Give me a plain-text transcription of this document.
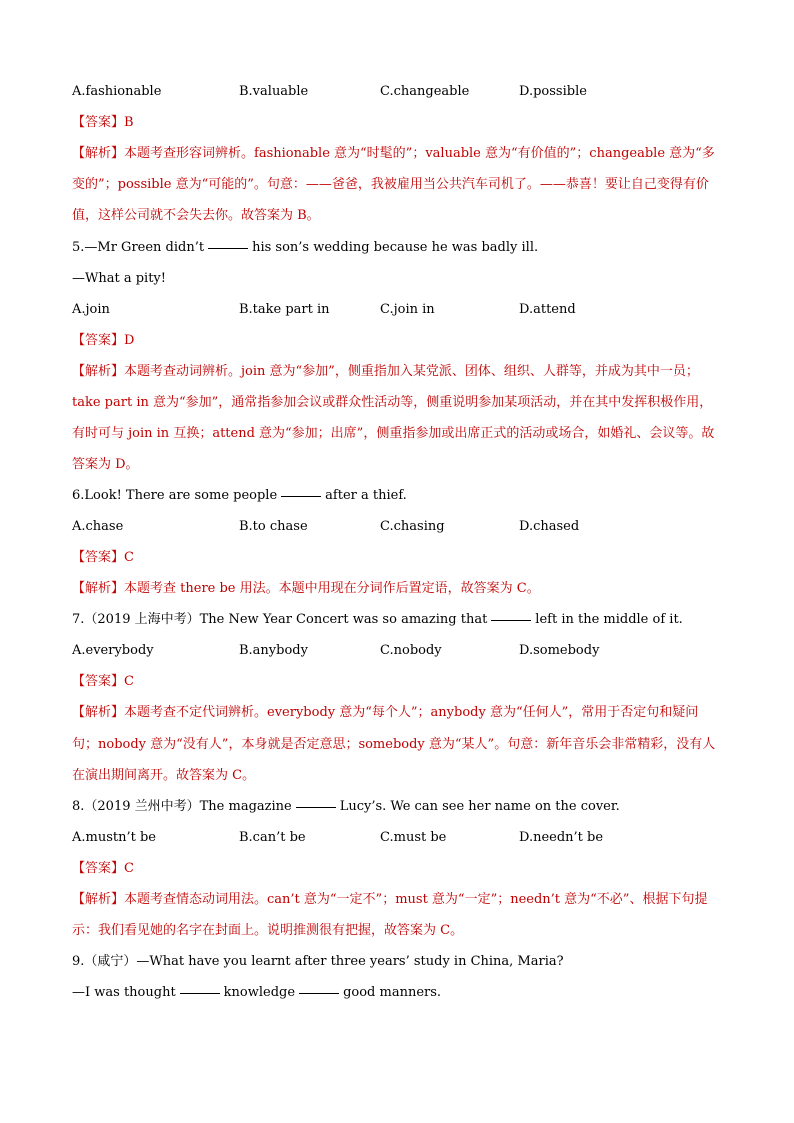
A.fashionable	B.valuable	C.changeable	D.possible
【答案】B
【解析】本题考查形容词辨析。fashionable 意为“时髦的”；valuable 意为“有价值的”；changeable 意为“多变的”；possible 意为“可能的”。句意：——爸爸，我被雇用当公共汽车司机了。——恭喜！要让自己变得有价值，这样公司就不会失去你。故答案为 B。
5.—Mr Green didn’t	his son’s wedding because he was badly ill.
—What a pity!
A.join	B.take part in	C.join in	D.attend
【答案】D
【解析】本题考查动词辨析。join 意为“参加”，侧重指加入某党派、团体、组织、人群等，并成为其中一员；take part in 意为“参加”，通常指参加会议或群众性活动等，侧重说明参加某项活动，并在其中发挥积极作用，有时可与 join in 互换；attend 意为“参加；出席”，侧重指参加或出席正式的活动或场合，如婚礼、会议等。故答案为 D。
6.Look! There are some people	after a thief.
A.chase	B.to chase	C.chasing	D.chased
【答案】C
【解析】本题考查 there be 用法。本题中用现在分词作后置定语，故答案为 C。
7.（2019 上海中考）The New Year Concert was so amazing that	left in the middle of it.
A.everybody	B.anybody	C.nobody	D.somebody
【答案】C
【解析】本题考查不定代词辨析。everybody 意为“每个人”；anybody 意为“任何人”，常用于否定句和疑问句；nobody 意为“没有人”，本身就是否定意思；somebody 意为“某人”。句意：新年音乐会非常精彩，没有人在演出期间离开。故答案为 C。
8.（2019 兰州中考）The magazine	Lucy’s. We can see her name on the cover.
A.mustn’t be	B.can’t be	C.must be	D.needn’t be
【答案】C
【解析】本题考查情态动词用法。can’t 意为“一定不”；must 意为“一定”；needn’t 意为“不必”、根据下句提示：我们看见她的名字在封面上。说明推测很有把握，故答案为 C。
9.（咸宁）—What have you learnt after three years’ study in China, Maria?
—I was thought	knowledge	good manners.
